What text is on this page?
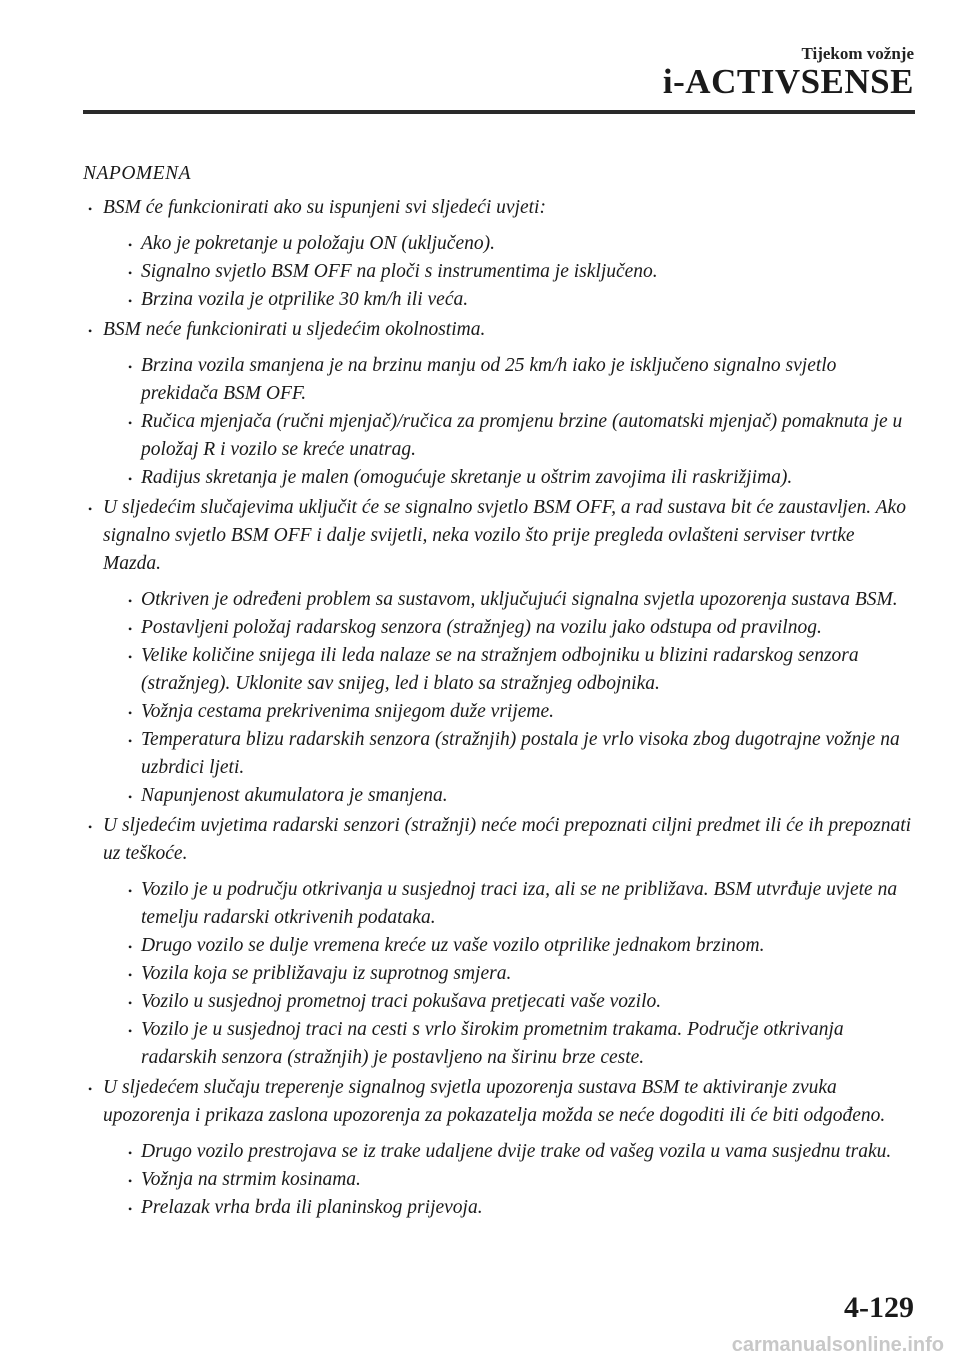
Tijekom vožnje
i-ACTIVSENSE
NAPOMENA
• BSM će funkcionirati ako su ispunjeni svi sljedeći uvjeti:
• Ako je pokretanje u položaju ON (uključeno).
• Signalno svjetlo BSM OFF na ploči s instrumentima je isključeno.
• Brzina vozila je otprilike 30 km/h ili veća.
• BSM neće funkcionirati u sljedećim okolnostima.
• Brzina vozila smanjena je na brzinu manju od 25 km/h iako je isključeno signalno svjetlo prekidača BSM OFF.
• Ručica mjenjača (ručni mjenjač)/ručica za promjenu brzine (automatski mjenjač) pomaknuta je u položaj R i vozilo se kreće unatrag.
• Radijus skretanja je malen (omogućuje skretanje u oštrim zavojima ili raskrižjima).
• U sljedećim slučajevima uključit će se signalno svjetlo BSM OFF, a rad sustava bit će zaustavljen. Ako signalno svjetlo BSM OFF i dalje svijetli, neka vozilo što prije pregleda ovlašteni serviser tvrtke Mazda.
• Otkriven je određeni problem sa sustavom, uključujući signalna svjetla upozorenja sustava BSM.
• Postavljeni položaj radarskog senzora (stražnjeg) na vozilu jako odstupa od pravilnog.
• Velike količine snijega ili leda nalaze se na stražnjem odbojniku u blizini radarskog senzora (stražnjeg). Uklonite sav snijeg, led i blato sa stražnjeg odbojnika.
• Vožnja cestama prekrivenima snijegom duže vrijeme.
• Temperatura blizu radarskih senzora (stražnjih) postala je vrlo visoka zbog dugotrajne vožnje na uzbrdici ljeti.
• Napunjenost akumulatora je smanjena.
• U sljedećim uvjetima radarski senzori (stražnji) neće moći prepoznati ciljni predmet ili će ih prepoznati uz teškoće.
• Vozilo je u području otkrivanja u susjednoj traci iza, ali se ne približava. BSM utvrđuje uvjete na temelju radarski otkrivenih podataka.
• Drugo vozilo se dulje vremena kreće uz vaše vozilo otprilike jednakom brzinom.
• Vozila koja se približavaju iz suprotnog smjera.
• Vozilo u susjednoj prometnoj traci pokušava pretjecati vaše vozilo.
• Vozilo je u susjednoj traci na cesti s vrlo širokim prometnim trakama. Područje otkrivanja radarskih senzora (stražnjih) je postavljeno na širinu brze ceste.
• U sljedećem slučaju treperenje signalnog svjetla upozorenja sustava BSM te aktiviranje zvuka upozorenja i prikaza zaslona upozorenja za pokazatelja možda se neće dogoditi ili će biti odgođeno.
• Drugo vozilo prestrojava se iz trake udaljene dvije trake od vašeg vozila u vama susjednu traku.
• Vožnja na strmim kosinama.
• Prelazak vrha brda ili planinskog prijevoja.
4-129
carmanualsonline.info
